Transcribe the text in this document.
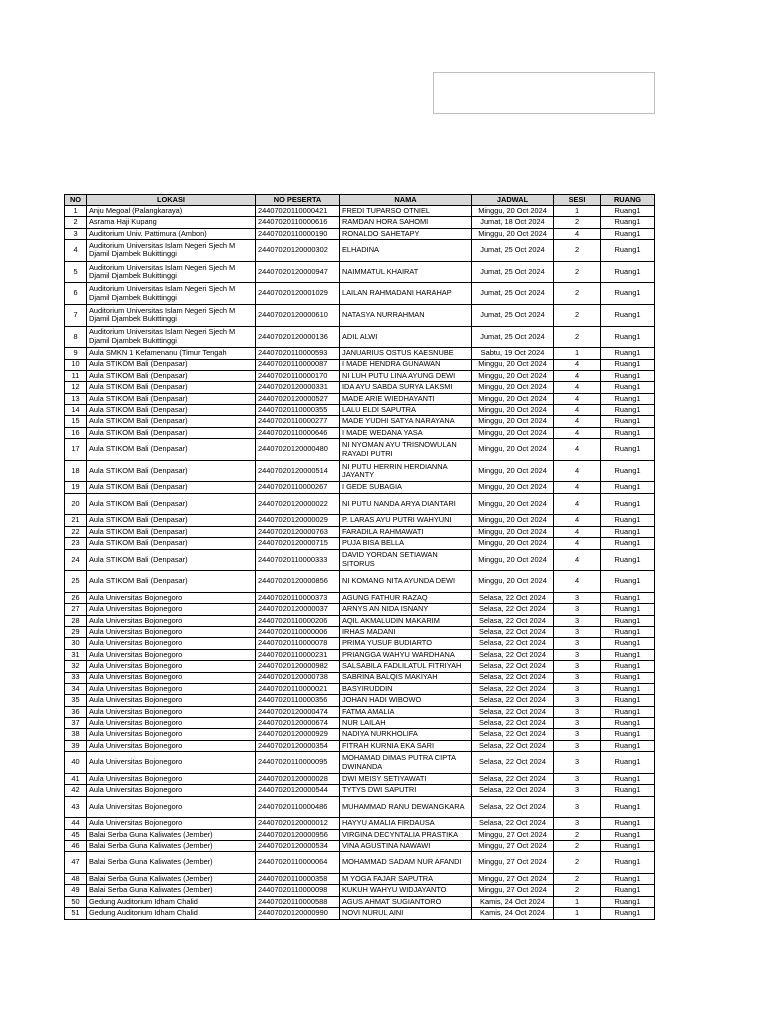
NO	LOKASI	NO PESERTA	NAMA	JADWAL	SESI	RUANG
1	Anju Megoal (Palangkaraya)	24407020110000421	FREDI TUPARSO OTNIEL	Minggu, 20 Oct 2024	1	Ruang1
2	Asrama Haji Kupang	24407020110000616	RAMDAN HORA SAHOMI	Jumat, 18 Oct 2024	2	Ruang1
3	Auditorium Univ. Pattimura (Ambon)	24407020110000190	RONALDO SAHETAPY	Minggu, 20 Oct 2024	4	Ruang1
4	Auditorium Universitas Islam Negeri Sjech M Djamil Djambek Bukittinggi	24407020120000302	ELHADINA	Jumat, 25 Oct 2024	2	Ruang1
5	Auditorium Universitas Islam Negeri Sjech M Djamil Djambek Bukittinggi	24407020120000947	NAIMMATUL KHAIRAT	Jumat, 25 Oct 2024	2	Ruang1
6	Auditorium Universitas Islam Negeri Sjech M Djamil Djambek Bukittinggi	24407020120001029	LAILAN RAHMADANI HARAHAP	Jumat, 25 Oct 2024	2	Ruang1
7	Auditorium Universitas Islam Negeri Sjech M Djamil Djambek Bukittinggi	24407020120000610	NATASYA NURRAHMAN	Jumat, 25 Oct 2024	2	Ruang1
8	Auditorium Universitas Islam Negeri Sjech M Djamil Djambek Bukittinggi	24407020120000136	ADIL ALWI	Jumat, 25 Oct 2024	2	Ruang1
9	Aula SMKN 1 Kefamenanu (Timur Tengah	24407020110000593	JANUARIUS OSTUS KAESNUBE	Sabtu, 19 Oct 2024	1	Ruang1
10	Aula STIKOM Bali (Denpasar)	24407020110000087	I MADE HENDRA GUNAWAN	Minggu, 20 Oct 2024	4	Ruang1
11	Aula STIKOM Bali (Denpasar)	24407020110000170	NI LUH PUTU LINA AYUNG DEWI	Minggu, 20 Oct 2024	4	Ruang1
12	Aula STIKOM Bali (Denpasar)	24407020120000331	IDA AYU SABDA SURYA LAKSMI	Minggu, 20 Oct 2024	4	Ruang1
13	Aula STIKOM Bali (Denpasar)	24407020120000527	MADE ARIE WIEDHAYANTI	Minggu, 20 Oct 2024	4	Ruang1
14	Aula STIKOM Bali (Denpasar)	24407020110000355	LALU ELDI SAPUTRA	Minggu, 20 Oct 2024	4	Ruang1
15	Aula STIKOM Bali (Denpasar)	24407020110000277	MADE YUDHI SATYA NARAYANA	Minggu, 20 Oct 2024	4	Ruang1
16	Aula STIKOM Bali (Denpasar)	24407020110000646	I MADE WEDANA YASA	Minggu, 20 Oct 2024	4	Ruang1
17	Aula STIKOM Bali (Denpasar)	24407020120000480	NI NYOMAN AYU TRISNOWULAN RAYADI PUTRI	Minggu, 20 Oct 2024	4	Ruang1
18	Aula STIKOM Bali (Denpasar)	24407020120000514	NI PUTU HERRIN HERDIANNA JAYANTY	Minggu, 20 Oct 2024	4	Ruang1
19	Aula STIKOM Bali (Denpasar)	24407020110000267	I GEDE SUBAGIA	Minggu, 20 Oct 2024	4	Ruang1
20	Aula STIKOM Bali (Denpasar)	24407020120000022	NI PUTU NANDA ARYA DIANTARI	Minggu, 20 Oct 2024	4	Ruang1
21	Aula STIKOM Bali (Denpasar)	24407020120000029	P. LARAS AYU PUTRI WAHYUNI	Minggu, 20 Oct 2024	4	Ruang1
22	Aula STIKOM Bali (Denpasar)	24407020120000763	FARADILA RAHMAWATI	Minggu, 20 Oct 2024	4	Ruang1
23	Aula STIKOM Bali (Denpasar)	24407020120000715	PUJA BISA BELLA	Minggu, 20 Oct 2024	4	Ruang1
24	Aula STIKOM Bali (Denpasar)	24407020110000333	DAVID YORDAN SETIAWAN SITORUS	Minggu, 20 Oct 2024	4	Ruang1
25	Aula STIKOM Bali (Denpasar)	24407020120000856	NI KOMANG NITA AYUNDA DEWI	Minggu, 20 Oct 2024	4	Ruang1
26	Aula Universitas Bojonegoro	24407020110000373	AGUNG FATHUR RAZAQ	Selasa, 22 Oct 2024	3	Ruang1
27	Aula Universitas Bojonegoro	24407020120000037	ARNYS AN NIDA ISNANY	Selasa, 22 Oct 2024	3	Ruang1
28	Aula Universitas Bojonegoro	24407020110000206	AQIL AKMALUDIN MAKARIM	Selasa, 22 Oct 2024	3	Ruang1
29	Aula Universitas Bojonegoro	24407020110000006	IRHAS MADANI	Selasa, 22 Oct 2024	3	Ruang1
30	Aula Universitas Bojonegoro	24407020110000078	PRIMA YUSUF BUDIARTO	Selasa, 22 Oct 2024	3	Ruang1
31	Aula Universitas Bojonegoro	24407020110000231	PRIANGGA WAHYU WARDHANA	Selasa, 22 Oct 2024	3	Ruang1
32	Aula Universitas Bojonegoro	24407020120000982	SALSABILA FADLILATUL FITRIYAH	Selasa, 22 Oct 2024	3	Ruang1
33	Aula Universitas Bojonegoro	24407020120000738	SABRINA BALQIS MAKIYAH	Selasa, 22 Oct 2024	3	Ruang1
34	Aula Universitas Bojonegoro	24407020110000021	BASYIRUDDIN	Selasa, 22 Oct 2024	3	Ruang1
35	Aula Universitas Bojonegoro	24407020110000356	JOHAN HADI WIBOWO	Selasa, 22 Oct 2024	3	Ruang1
36	Aula Universitas Bojonegoro	24407020120000474	FATMA AMALIA	Selasa, 22 Oct 2024	3	Ruang1
37	Aula Universitas Bojonegoro	24407020120000674	NUR LAILAH	Selasa, 22 Oct 2024	3	Ruang1
38	Aula Universitas Bojonegoro	24407020120000929	NADIYA NURKHOLIFA	Selasa, 22 Oct 2024	3	Ruang1
39	Aula Universitas Bojonegoro	24407020120000354	FITRAH KURNIA EKA SARI	Selasa, 22 Oct 2024	3	Ruang1
40	Aula Universitas Bojonegoro	24407020110000095	MOHAMAD DIMAS PUTRA CIPTA DWINANDA	Selasa, 22 Oct 2024	3	Ruang1
41	Aula Universitas Bojonegoro	24407020120000028	DWI MEISY SETIYAWATI	Selasa, 22 Oct 2024	3	Ruang1
42	Aula Universitas Bojonegoro	24407020120000544	TYTYS DWI SAPUTRI	Selasa, 22 Oct 2024	3	Ruang1
43	Aula Universitas Bojonegoro	24407020110000486	MUHAMMAD RANU DEWANGKARA	Selasa, 22 Oct 2024	3	Ruang1
44	Aula Universitas Bojonegoro	24407020120000012	HAYYU AMALIA FIRDAUSA	Selasa, 22 Oct 2024	3	Ruang1
45	Balai Serba Guna Kaliwates (Jember)	24407020120000956	VIRGINA DECYNTALIA PRASTIKA	Minggu, 27 Oct 2024	2	Ruang1
46	Balai Serba Guna Kaliwates (Jember)	24407020120000534	VINA AGUSTINA NAWAWI	Minggu, 27 Oct 2024	2	Ruang1
47	Balai Serba Guna Kaliwates (Jember)	24407020110000064	MOHAMMAD SADAM NUR AFANDI	Minggu, 27 Oct 2024	2	Ruang1
48	Balai Serba Guna Kaliwates (Jember)	24407020110000358	M YOGA FAJAR SAPUTRA	Minggu, 27 Oct 2024	2	Ruang1
49	Balai Serba Guna Kaliwates (Jember)	24407020110000098	KUKUH WAHYU WIDJAYANTO	Minggu, 27 Oct 2024	2	Ruang1
50	Gedung Auditorium Idham Chalid	24407020110000588	AGUS AHMAT SUGIANTORO	Kamis, 24 Oct 2024	1	Ruang1
51	Gedung Auditorium Idham Chalid	24407020120000990	NOVI NURUL AINI	Kamis, 24 Oct 2024	1	Ruang1
